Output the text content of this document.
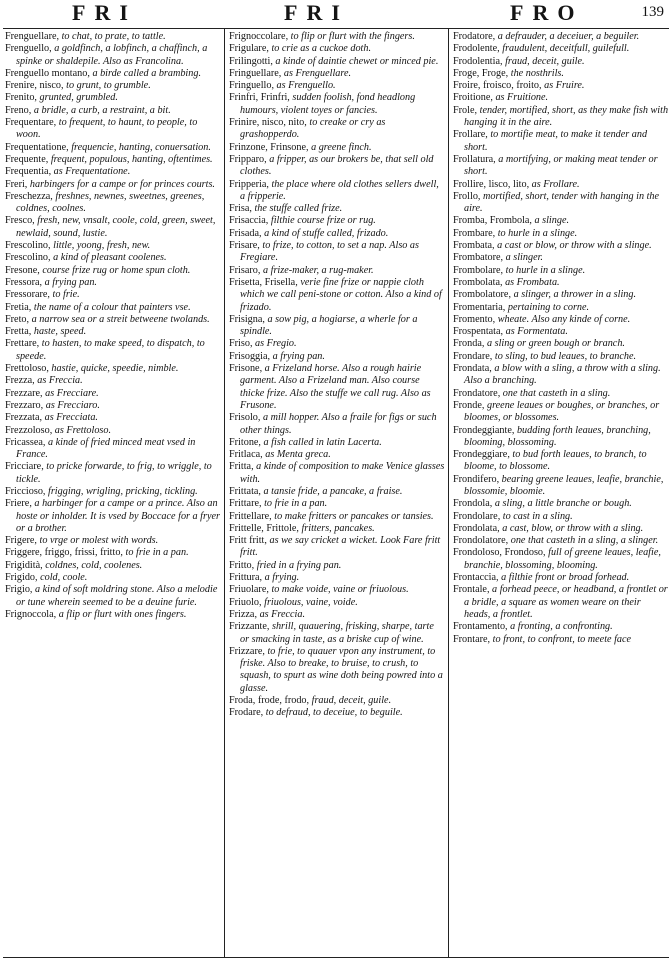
FRI	FRI	FRO	139
Frenguellare, to chat, to prate, to tattle.
Frenguello, a goldfinch, a lobfinch, a chaffinch, a spinke or shaldepile. Also as Francolina.
Frenguello montano, a birde called a brambing.
Frenire, nisco, to grunt, to grumble.
Frenito, grunted, grumbled.
Freno, a bridle, a curb, a restraint, a bit.
Frequentare, to frequent, to haunt, to people, to woon.
Frequentatione, frequencie, hanting, conuersation.
Frequente, frequent, populous, hanting, oftentimes.
Frequentia, as Frequentatione.
Freri, harbingers for a campe or for princes courts.
Freschezza, freshnes, newnes, sweetnes, greenes, coldnes, coolnes.
Fresco, fresh, new, vnsalt, coole, cold, green, sweet, newlaid, sound, lustie.
Frescolino, little, yoong, fresh, new.
Frescolino, a kind of pleasant coolenes.
Fresone, course frize rug or home spun cloth.
Fressora, a frying pan.
Fressorare, to frie.
Fretia, the name of a colour that painters vse.
Freto, a narrow sea or a streit betweene twolands.
Fretta, haste, speed.
Frettare, to hasten, to make speed, to dispatch, to speede.
Frettoloso, hastie, quicke, speedie, nimble.
Frezza, as Freccia.
Frezzare, as Frecciare.
Frezzaro, as Frecciaro.
Frezzata, as Frecciata.
Frezzoloso, as Frettoloso.
Fricassea, a kinde of fried minced meat vsed in France.
Fricciare, to pricke forwarde, to frig, to wriggle, to tickle.
Friccioso, frigging, wrigling, pricking, tickling.
Friere, a harbinger for a campe or a prince. Also an hoste or inholder. It is vsed by Boccace for a fryer or a brother.
Frigere, to vrge or molest with words.
Friggere, friggo, frissi, fritto, to frie in a pan.
Frigidità, coldnes, cold, coolenes.
Frigido, cold, coole.
Frigio, a kind of soft moldring stone. Also a melodie or tune wherein seemed to be a deuine furie.
Frignoccola, a flip or flurt with ones fingers.
Frignoccolare, to flip or flurt with the fingers.
Frigulare, to crie as a cuckoe doth.
Frilingotti, a kinde of daintie chewet or minced pie.
Fringuellare, as Frenguellare.
Fringuello, as Frenguello.
Frinfri, Frinfri, sudden foolish, fond headlong humours, violent toyes or fancies.
Frinire, nisco, nito, to creake or cry as grashopperdo.
Frinzone, Frinsone, a greene finch.
Fripparo, a fripper, as our brokers be, that sell old clothes.
Fripperia, the place where old clothes sellers dwell, a fripperie.
Frisa, the stuffe called frize.
Frisaccia, filthie course frize or rug.
Frisada, a kind of stuffe called, frizado.
Frisare, to frize, to cotton, to set a nap. Also as Fregiare.
Frisaro, a frize-maker, a rug-maker.
Frisetta, Frisella, verie fine frize or nappie cloth which we call peni-stone or cotton. Also a kind of frizado.
Frisigna, a sow pig, a hogiarse, a wherle for a spindle.
Friso, as Fregio.
Frisoggia, a frying pan.
Frisone, a Frizeland horse. Also a rough hairie garment. Also a Frizeland man. Also course thicke frize. Also the stuffe we call rug. Also as Frusone.
Frisolo, a mill hopper. Also a fraile for figs or such other things.
Fritone, a fish called in latin Lacerta.
Fritlaca, as Menta greca.
Fritta, a kinde of composition to make Venice glasses with.
Frittata, a tansie fride, a pancake, a fraise.
Frittare, to frie in a pan.
Frittellare, to make fritters or pancakes or tansies.
Frittelle, Frittole, fritters, pancakes.
Fritt fritt, as we say cricket a wicket. Look Fare fritt fritt.
Fritto, fried in a frying pan.
Frittura, a frying.
Friuolare, to make voide, vaine or friuolous.
Friuolo, friuolous, vaine, voide.
Frizza, as Freccia.
Frizzante, shrill, quauering, frisking, sharpe, tarte or smacking in taste, as a briske cup of wine.
Frizzare, to frie, to quauer vpon any instrument, to friske. Also to breake, to bruise, to crush, to squash, to spurt as wine doth being powred into a glasse.
Froda, frode, frodo, fraud, deceit, guile.
Frodare, to defraud, to deceiue, to beguile.
Frodatore, a defrauder, a deceiuer, a beguiler.
Frodolente, fraudulent, deceitfull, guilefull.
Frodolentia, fraud, deceit, guile.
Froge, Froge, the nosthrils.
Froire, froisco, froito, as Fruire.
Froitione, as Fruitione.
Frole, tender, mortified, short, as they make fish with hanging it in the aire.
Frollare, to mortifie meat, to make it tender and short.
Frollatura, a mortifying, or making meat tender or short.
Frollire, lisco, lito, as Frollare.
Frollo, mortified, short, tender with hanging in the aire.
Fromba, Frombola, a slinge.
Frombare, to hurle in a slinge.
Frombata, a cast or blow, or throw with a slinge.
Frombatore, a slinger.
Frombolare, to hurle in a slinge.
Frombolata, as Frombata.
Frombolatore, a slinger, a thrower in a sling.
Fromentaria, pertaining to corne.
Fromento, wheate. Also any kinde of corne.
Frospentata, as Formentata.
Fronda, a sling or green bough or branch.
Frondare, to sling, to bud leaues, to branche.
Frondata, a blow with a sling, a throw with a sling. Also a branching.
Frondatore, one that casteth in a sling.
Fronde, greene leaues or boughes, or branches, or bloomes, or blossomes.
Frondeggiante, budding forth leaues, branching, blooming, blossoming.
Frondeggiare, to bud forth leaues, to branch, to bloome, to blossome.
Frondifero, bearing greene leaues, leafie, branchie, blossomie, bloomie.
Frondola, a sling, a little branche or bough.
Frondolare, to cast in a sling.
Frondolata, a cast, blow, or throw with a sling.
Frondolatore, one that casteth in a sling, a slinger.
Frondoloso, Frondoso, full of greene leaues, leafie, branchie, blossoming, blooming.
Frontaccia, a filthie front or broad forhead.
Frontale, a forhead peece, or headband, a frontlet or a bridle, a square as women weare on their heads, a frontlet.
Frontamento, a fronting, a confronting.
Frontare, to front, to confront, to meete face
